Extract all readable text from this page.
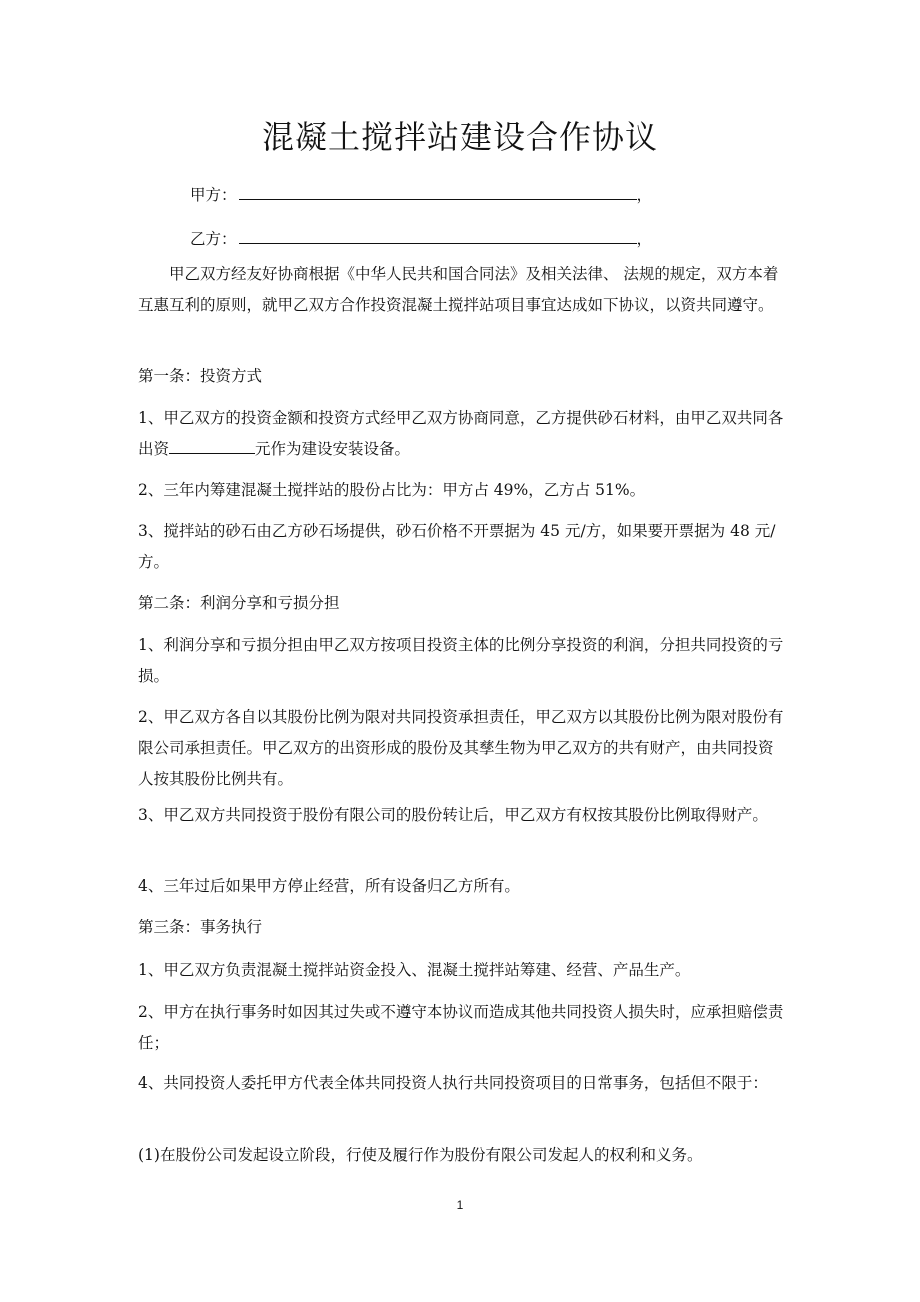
混凝土搅拌站建设合作协议
甲方：	，
乙方：	，

甲乙双方经友好协商根据《中华人民共和国合同法》及相关法律、 法规的规定，双方本着互惠互利的原则，就甲乙双方合作投资混凝土搅拌站项目事宜达成如下协议，以资共同遵守。

第一条：投资方式

1、甲乙双方的投资金额和投资方式经甲乙双方协商同意，乙方提供砂石材料，由甲乙双共同各出资	元作为建设安装设备。

2、三年内筹建混凝土搅拌站的股份占比为：甲方占 49%，乙方占 51%。

3、搅拌站的砂石由乙方砂石场提供，砂石价格不开票据为 45 元/方，如果要开票据为 48 元/方。

第二条：利润分享和亏损分担

1、利润分享和亏损分担由甲乙双方按项目投资主体的比例分享投资的利润，分担共同投资的亏损。

2、甲乙双方各自以其股份比例为限对共同投资承担责任，甲乙双方以其股份比例为限对股份有限公司承担责任。甲乙双方的出资形成的股份及其孳生物为甲乙双方的共有财产，由共同投资人按其股份比例共有。

3、甲乙双方共同投资于股份有限公司的股份转让后，甲乙双方有权按其股份比例取得财产。

4、三年过后如果甲方停止经营，所有设备归乙方所有。

第三条：事务执行

1、甲乙双方负责混凝土搅拌站资金投入、混凝土搅拌站筹建、经营、产品生产。

2、甲方在执行事务时如因其过失或不遵守本协议而造成其他共同投资人损失时，应承担赔偿责任；

4、共同投资人委托甲方代表全体共同投资人执行共同投资项目的日常事务，包括但不限于：

(1)在股份公司发起设立阶段，行使及履行作为股份有限公司发起人的权利和义务。

1
